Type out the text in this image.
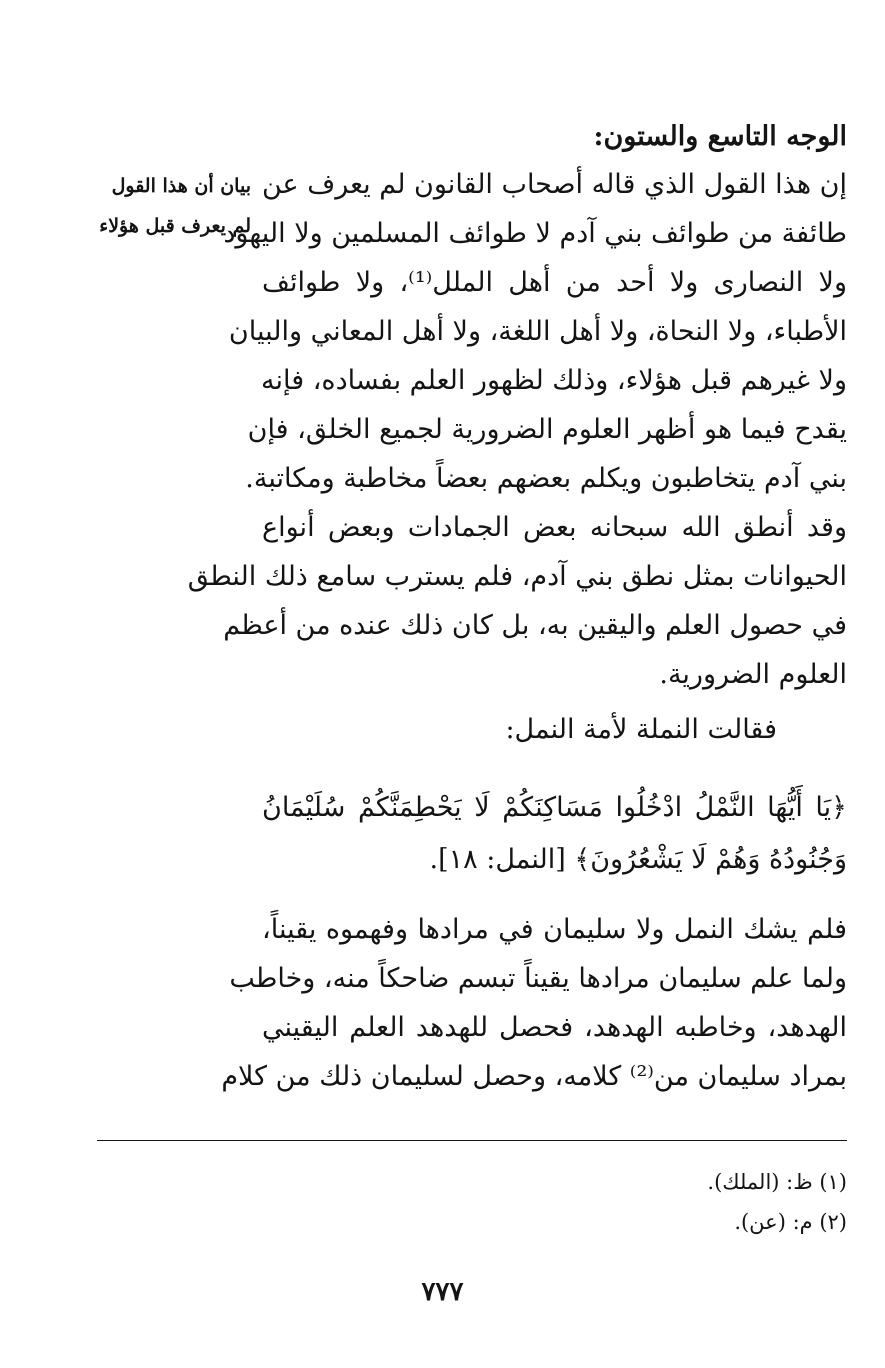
الوجه التاسع والستون:
بيان أن هذا القول
لم يعرف قبل هؤلاء
إن هذا القول الذي قاله أصحاب القانون لم يعرف عن
طائفة من طوائف بني آدم لا طوائف المسلمين ولا اليهود
ولا النصارى ولا أحد من أهل الملل⁽¹⁾، ولا طوائف
الأطباء، ولا النحاة، ولا أهل اللغة، ولا أهل المعاني والبيان
ولا غيرهم قبل هؤلاء، وذلك لظهور العلم بفساده، فإنه
يقدح فيما هو أظهر العلوم الضرورية لجميع الخلق، فإن
بني آدم يتخاطبون ويكلم بعضهم بعضاً مخاطبة ومكاتبة.
وقد أنطق الله سبحانه بعض الجمادات وبعض أنواع
الحيوانات بمثل نطق بني آدم، فلم يسترب سامع ذلك النطق
في حصول العلم واليقين به، بل كان ذلك عنده من أعظم
العلوم الضرورية.
فقالت النملة لأمة النمل:
﴿يَا أَيُّهَا النَّمْلُ ادْخُلُوا مَسَاكِنَكُمْ لَا يَحْطِمَنَّكُمْ سُلَيْمَانُ
وَجُنُودُهُ وَهُمْ لَا يَشْعُرُونَ﴾ [النمل: ١٨].
فلم يشك النمل ولا سليمان في مرادها وفهموه يقيناً،
ولما علم سليمان مرادها يقيناً تبسم ضاحكاً منه، وخاطب
الهدهد، وخاطبه الهدهد، فحصل للهدهد العلم اليقيني
بمراد سليمان من⁽²⁾ كلامه، وحصل لسليمان ذلك من كلام
(١) ظ: (الملك).
(٢) م: (عن).
٧٧٧
